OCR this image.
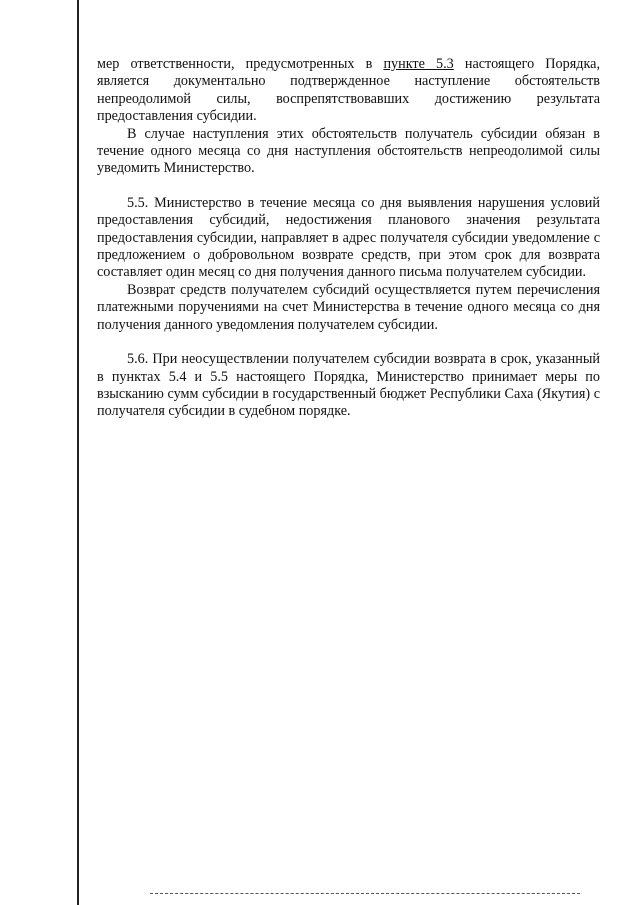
мер ответственности, предусмотренных в пункте 5.3 настоящего Порядка, является документально подтвержденное наступление обстоятельств непреодолимой силы, воспрепятствовавших достижению результата предоставления субсидии.

В случае наступления этих обстоятельств получатель субсидии обязан в течение одного месяца со дня наступления обстоятельств непреодолимой силы уведомить Министерство.

5.5. Министерство в течение месяца со дня выявления нарушения условий предоставления субсидий, недостижения планового значения результата предоставления субсидии, направляет в адрес получателя субсидии уведомление с предложением о добровольном возврате средств, при этом срок для возврата составляет один месяц со дня получения данного письма получателем субсидии.

Возврат средств получателем субсидий осуществляется путем перечисления платежными поручениями на счет Министерства в течение одного месяца со дня получения данного уведомления получателем субсидии.

5.6. При неосуществлении получателем субсидии возврата в срок, указанный в пунктах 5.4 и 5.5 настоящего Порядка, Министерство принимает меры по взысканию сумм субсидии в государственный бюджет Республики Саха (Якутия) с получателя субсидии в судебном порядке.
